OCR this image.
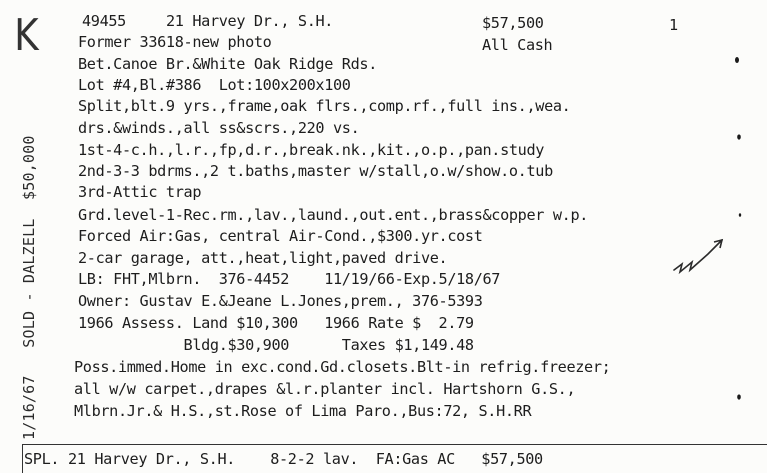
K	49455	21 Harvey Dr., S.H.	$57,500	1
All Cash
Former 33618-new photo
Bet.Canoe Br.&White Oak Ridge Rds.
Lot #4,Bl.#386  Lot:100x200x100
Split,blt.9 yrs.,frame,oak flrs.,comp.rf.,full ins.,wea.
drs.&winds.,all ss&scrs.,220 vs.
1st-4-c.h.,l.r.,fp,d.r.,break.nk.,kit.,o.p.,pan.study
2nd-3-3 bdrms.,2 t.baths,master w/stall,o.w/show.o.tub
3rd-Attic trap
Grd.level-1-Rec.rm.,lav.,laund.,out.ent.,brass&copper w.p.
Forced Air:Gas, central Air-Cond.,$300.yr.cost
2-car garage, att.,heat,light,paved drive.
LB: FHT,Mlbrn.  376-4452    11/19/66-Exp.5/18/67
Owner: Gustav E.&Jeane L.Jones,prem., 376-5393
1966 Assess. Land $10,300   1966 Rate $  2.79
Bldg.$30,900      Taxes $1,149.48
Poss.immed.Home in exc.cond.Gd.closets.Blt-in refrig.freezer;
all w/w carpet.,drapes &l.r.planter incl. Hartshorn G.S.,
Mlbrn.Jr.& H.S.,st.Rose of Lima Paro.,Bus:72, S.H.RR
1/16/67   SOLD - DALZELL  $50,000
SPL. 21 Harvey Dr., S.H.    8-2-2 lav.  FA:Gas AC   $57,500
